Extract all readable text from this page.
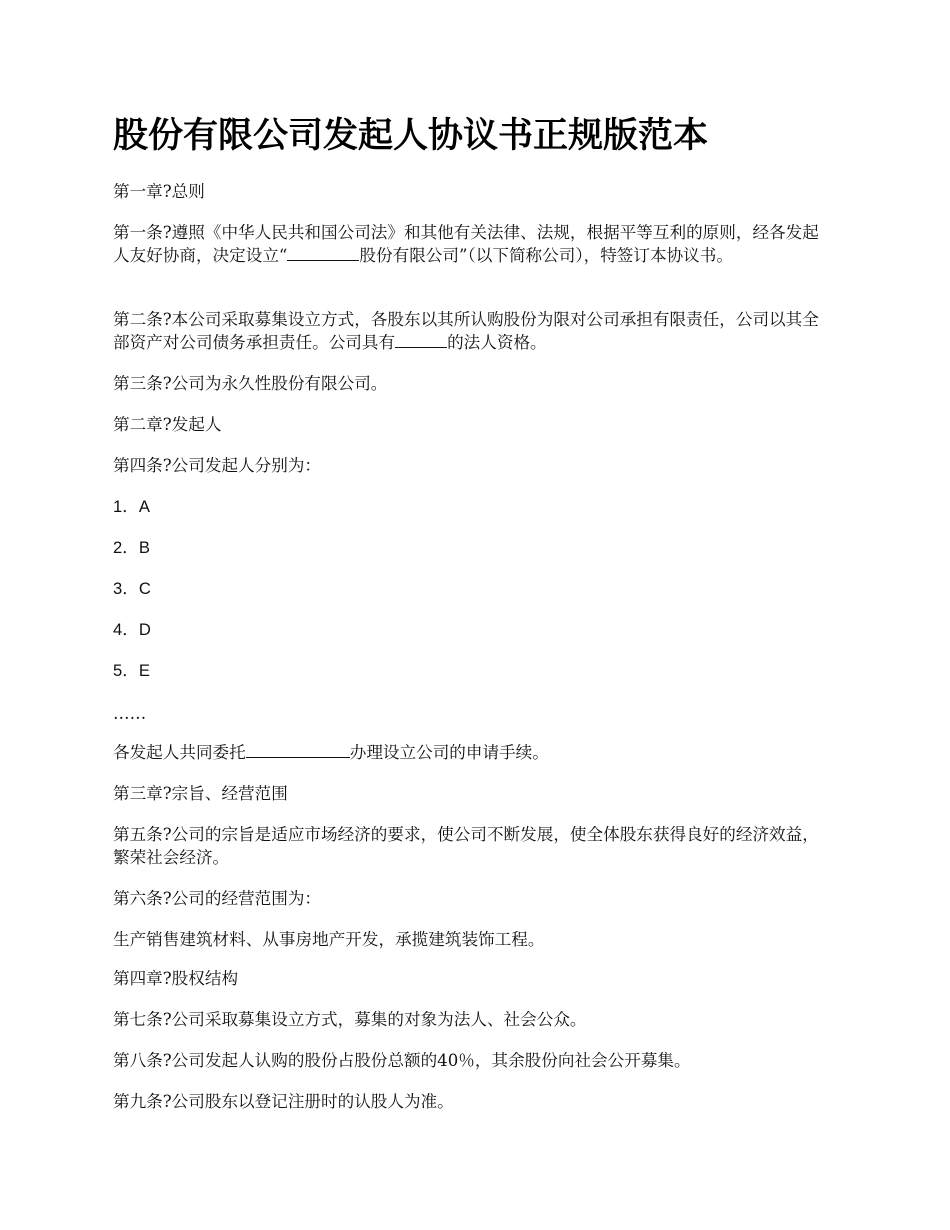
股份有限公司发起人协议书正规版范本

第一章?总则

第一条?遵照《中华人民共和国公司法》和其他有关法律、法规，根据平等互利的原则，经各发起人友好协商，决定设立“	股份有限公司”（以下简称公司），特签订本协议书。

第二条?本公司采取募集设立方式，各股东以其所认购股份为限对公司承担有限责任，公司以其全部资产对公司债务承担责任。公司具有	的法人资格。

第三条?公司为永久性股份有限公司。

第二章?发起人

第四条?公司发起人分别为：

1．A

2．B

3．C

4．D

5．E

……

各发起人共同委托	办理设立公司的申请手续。

第三章?宗旨、经营范围

第五条?公司的宗旨是适应市场经济的要求，使公司不断发展，使全体股东获得良好的经济效益，繁荣社会经济。

第六条?公司的经营范围为：

生产销售建筑材料、从事房地产开发，承揽建筑装饰工程。

第四章?股权结构

第七条?公司采取募集设立方式，募集的对象为法人、社会公众。

第八条?公司发起人认购的股份占股份总额的40％，其余股份向社会公开募集。

第九条?公司股东以登记注册时的认股人为准。
